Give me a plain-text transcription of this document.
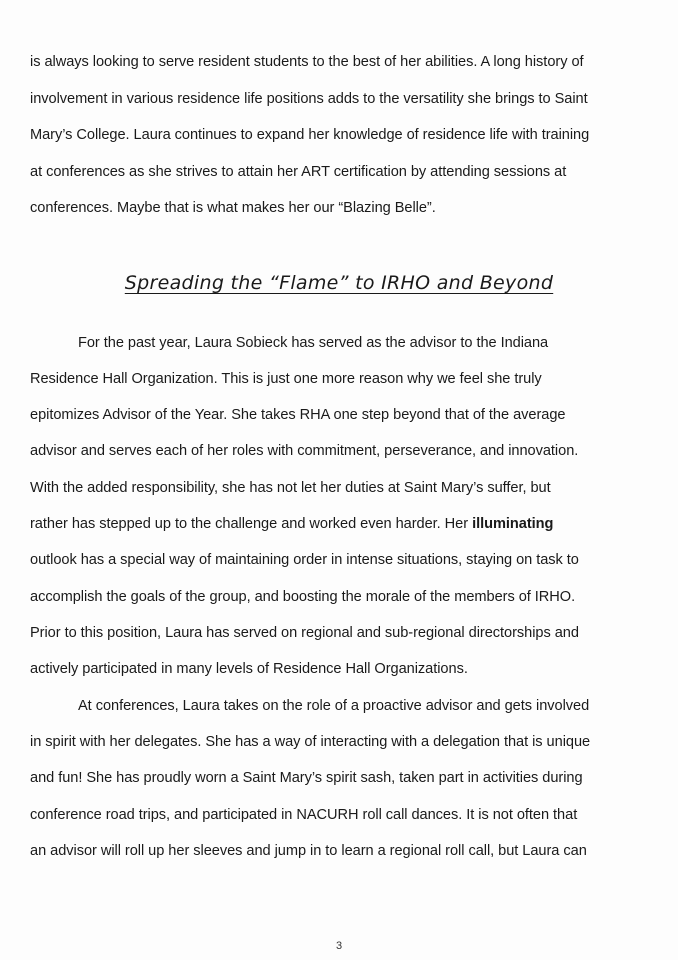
is always looking to serve resident students to the best of her abilities. A long history of
involvement in various residence life positions adds to the versatility she brings to Saint
Mary’s College. Laura continues to expand her knowledge of residence life with training
at conferences as she strives to attain her ART certification by attending sessions at
conferences. Maybe that is what makes her our “Blazing Belle”.
Spreading the “Flame” to IRHO and Beyond
For the past year, Laura Sobieck has served as the advisor to the Indiana
Residence Hall Organization. This is just one more reason why we feel she truly
epitomizes Advisor of the Year. She takes RHA one step beyond that of the average
advisor and serves each of her roles with commitment, perseverance, and innovation.
With the added responsibility, she has not let her duties at Saint Mary’s suffer, but
rather has stepped up to the challenge and worked even harder. Her illuminating
outlook has a special way of maintaining order in intense situations, staying on task to
accomplish the goals of the group, and boosting the morale of the members of IRHO.
Prior to this position, Laura has served on regional and sub-regional directorships and
actively participated in many levels of Residence Hall Organizations.
At conferences, Laura takes on the role of a proactive advisor and gets involved
in spirit with her delegates. She has a way of interacting with a delegation that is unique
and fun! She has proudly worn a Saint Mary’s spirit sash, taken part in activities during
conference road trips, and participated in NACURH roll call dances. It is not often that
an advisor will roll up her sleeves and jump in to learn a regional roll call, but Laura can
3
